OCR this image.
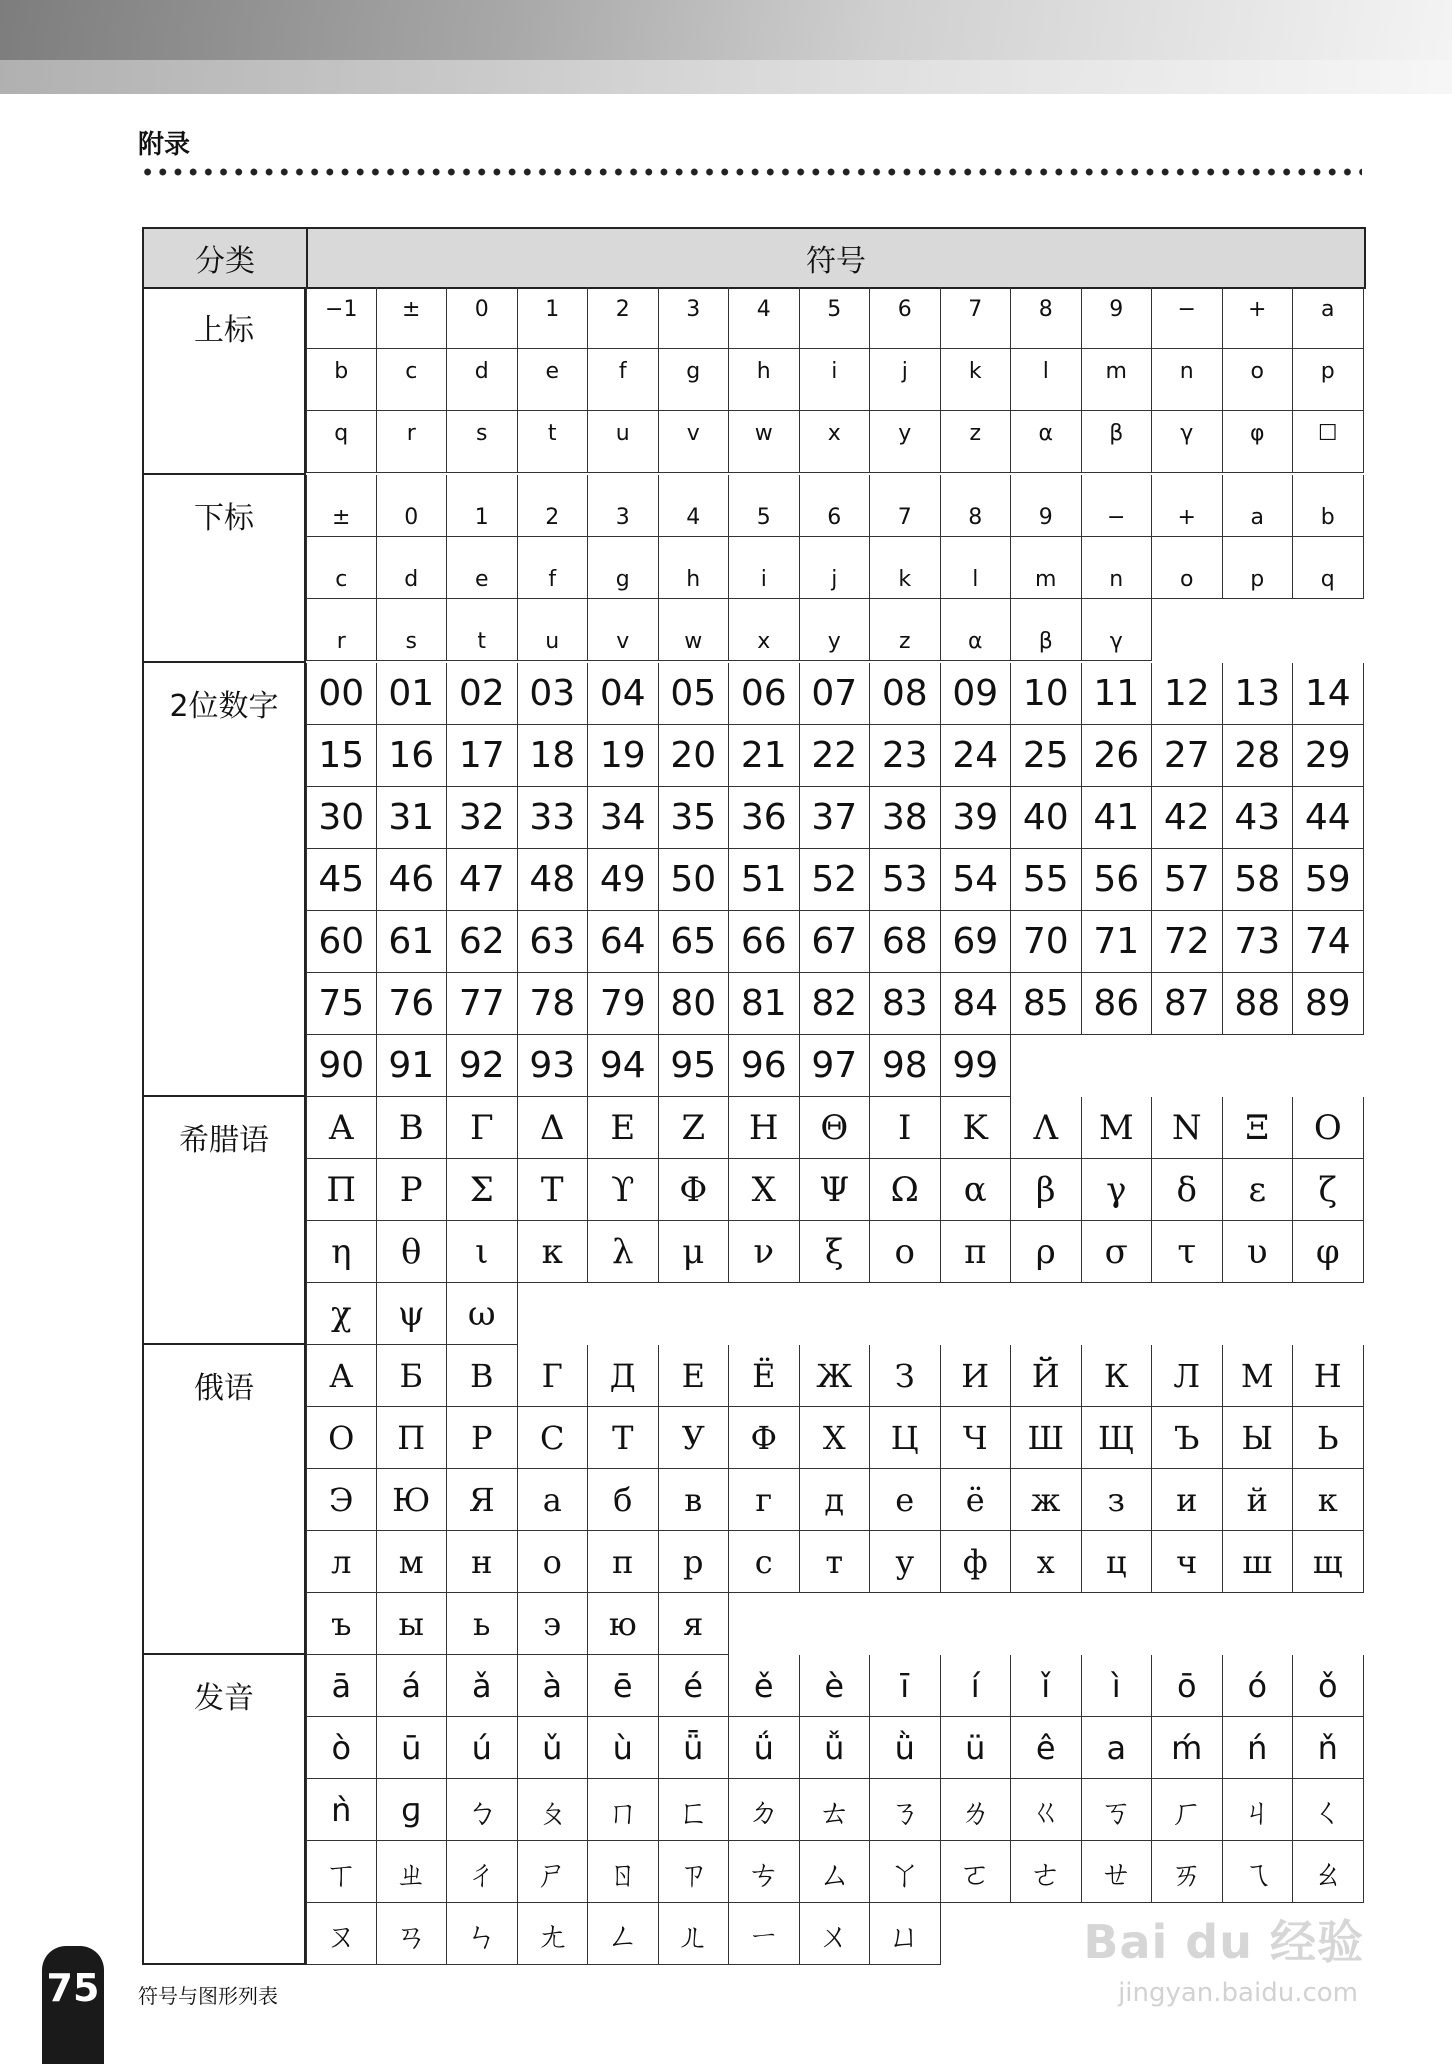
附录
分类	符号
上标
−1	±	0	1	2	3	4	5	6	7	8	9	−	+	a
b	c	d	e	f	g	h	i	j	k	l	m	n	o	p
q	r	s	t	u	v	w	x	y	z	α	β	γ	φ	☐
下标	±	0	1	2	3	4	5	6	7	8	9	−	+	a	b
c	d	e	f	g	h	i	j	k	l	m	n	o	p	q
r	s	t	u	v	w	x	y	z	α	β	γ
2位数字	00 01 02 03 04 05 06 07 08 09 10 11 12 13 14
15 16 17 18 19 20 21 22 23 24 25 26 27 28 29
30 31 32 33 34 35 36 37 38 39 40 41 42 43 44
45 46 47 48 49 50 51 52 53 54 55 56 57 58 59
60 61 62 63 64 65 66 67 68 69 70 71 72 73 74
75 76 77 78 79 80 81 82 83 84 85 86 87 88 89
90 91 92 93 94 95 96 97 98 99
希腊语	Α	Β	Γ	Δ	Ε	Ζ	Η	Θ	Ι	Κ	Λ	Μ	Ν	Ξ	Ο
Π	Ρ	Σ	Τ	ϒ	Φ	Χ	Ψ	Ω	α	β	γ	δ	ε	ζ
η	θ	ι	κ	λ	μ	ν	ξ	ο	π	ρ	σ	τ	υ	φ
χ	ψ	ω
俄语	А	Б	В	Г	Д	Е	Ё	Ж	З	И	Й	К	Л	М	Н
О	П	Р	С	Т	У	Ф	Х	Ц	Ч	Ш	Щ	Ъ	Ы	Ь
Э	Ю	Я	а	б	в	г	д	е	ё	ж	з	и	й	к
л	м	н	о	п	р	с	т	у	ф	х	ц	ч	ш	щ
ъ	ы	ь	э	ю	я
发音	ā	á	ǎ	à	ē	é	ě	è	ī	í	ǐ	ì	ō	ó	ǒ
ò	ū	ú	ǔ	ù	ǖ	ǘ	ǚ	ǜ	ü	ê	a	ḿ	ń	ň
ǹ	ɡ	ㄅ	ㄆ	ㄇ	ㄈ	ㄉ	ㄊ	ㄋ	ㄌ	ㄍ	ㄎ	ㄏ	ㄐ	ㄑ
ㄒ	ㄓ	ㄔ	ㄕ	ㄖ	ㄗ	ㄘ	ㄙ	ㄚ	ㄛ	ㄜ	ㄝ	ㄞ	ㄟ	ㄠ
ㄡ	ㄢ	ㄣ	ㄤ	ㄥ	ㄦ	ㄧ	ㄨ	ㄩ	Bai du 经验
jingyan.baidu.com
75 符号与图形列表
